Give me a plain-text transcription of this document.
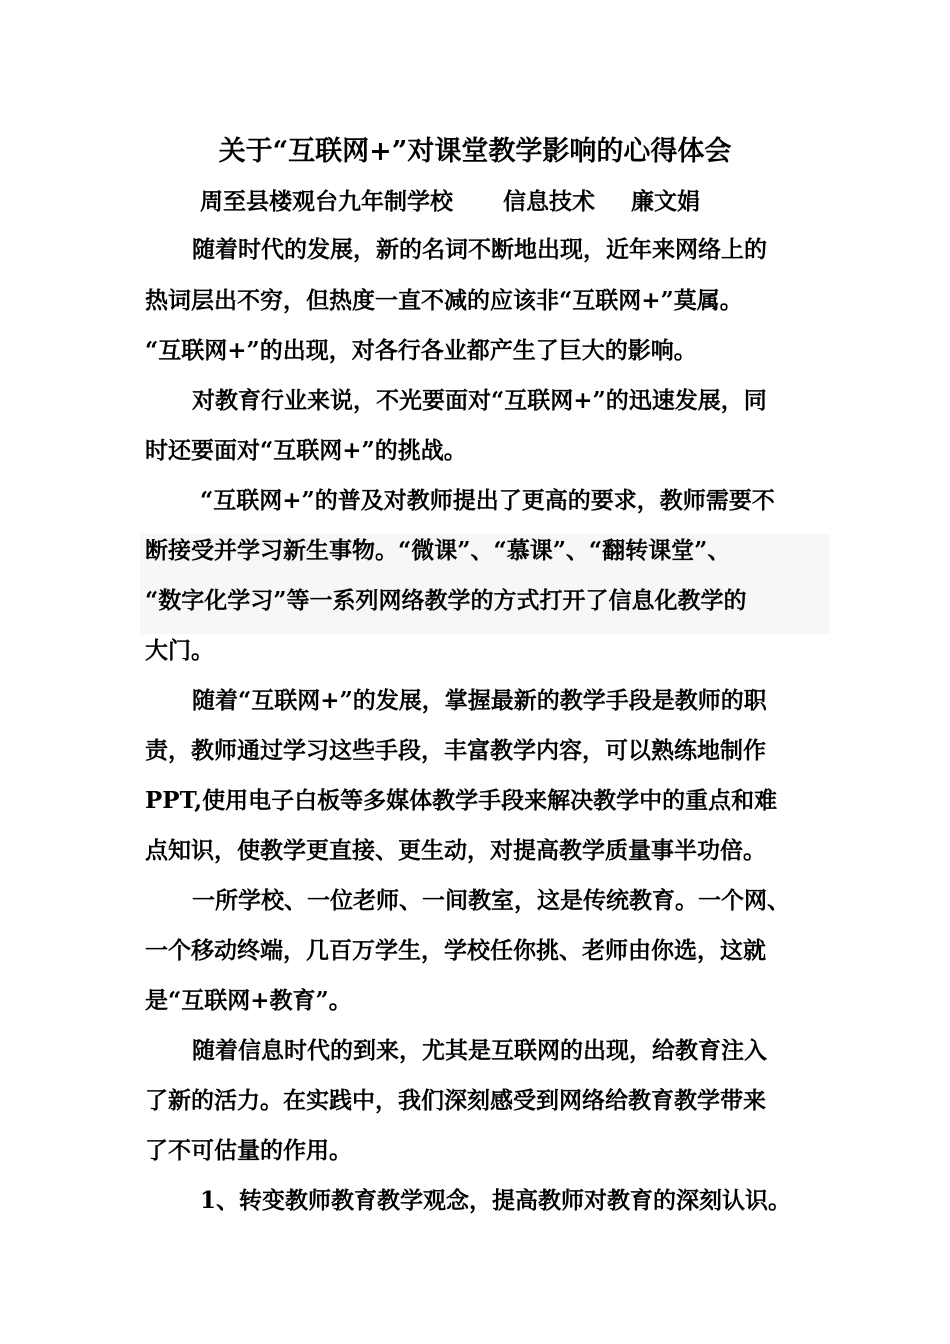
关于“互联网+”对课堂教学影响的心得体会
周至县楼观台九年制学校 信息技术 廉文娟
随着时代的发展，新的名词不断地出现，近年来网络上的
热词层出不穷，但热度一直不减的应该非“互联网+”莫属。
“互联网+”的出现，对各行各业都产生了巨大的影响。
对教育行业来说，不光要面对“互联网+”的迅速发展，同
时还要面对“互联网+”的挑战。
“互联网+”的普及对教师提出了更高的要求，教师需要不
断接受并学习新生事物。“微课”、“慕课”、“翻转课堂”、
“数字化学习”等一系列网络教学的方式打开了信息化教学的
大门。
随着“互联网+”的发展，掌握最新的教学手段是教师的职
责，教师通过学习这些手段，丰富教学内容，可以熟练地制作
PPT,使用电子白板等多媒体教学手段来解决教学中的重点和难
点知识，使教学更直接、更生动，对提高教学质量事半功倍。
一所学校、一位老师、一间教室，这是传统教育。一个网、
一个移动终端，几百万学生，学校任你挑、老师由你选，这就
是“互联网+教育”。
随着信息时代的到来，尤其是互联网的出现，给教育注入
了新的活力。在实践中，我们深刻感受到网络给教育教学带来
了不可估量的作用。
1、转变教师教育教学观念，提高教师对教育的深刻认识。
